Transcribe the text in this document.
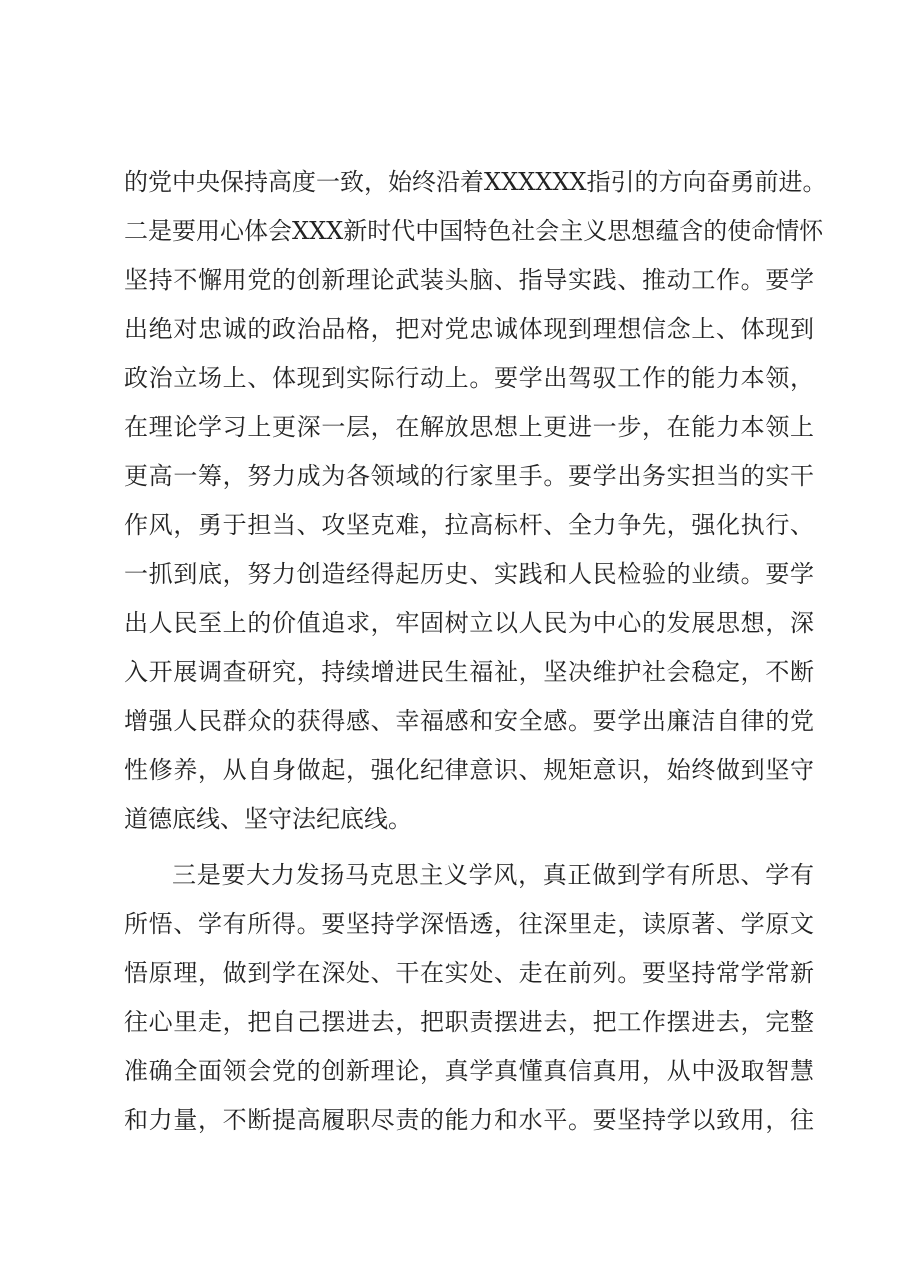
的党中央保持高度一致，始终沿着XXXXXX指引的方向奋勇前进。
二是要用心体会XXX新时代中国特色社会主义思想蕴含的使命情怀
坚持不懈用党的创新理论武装头脑、指导实践、推动工作。要学
出绝对忠诚的政治品格，把对党忠诚体现到理想信念上、体现到
政治立场上、体现到实际行动上。要学出驾驭工作的能力本领，
在理论学习上更深一层，在解放思想上更进一步，在能力本领上
更高一筹，努力成为各领域的行家里手。要学出务实担当的实干
作风，勇于担当、攻坚克难，拉高标杆、全力争先，强化执行、
一抓到底，努力创造经得起历史、实践和人民检验的业绩。要学
出人民至上的价值追求，牢固树立以人民为中心的发展思想，深
入开展调查研究，持续增进民生福祉，坚决维护社会稳定，不断
增强人民群众的获得感、幸福感和安全感。要学出廉洁自律的党
性修养，从自身做起，强化纪律意识、规矩意识，始终做到坚守
道德底线、坚守法纪底线。
三是要大力发扬马克思主义学风，真正做到学有所思、学有
所悟、学有所得。要坚持学深悟透，往深里走，读原著、学原文
悟原理，做到学在深处、干在实处、走在前列。要坚持常学常新
往心里走，把自己摆进去，把职责摆进去，把工作摆进去，完整
准确全面领会党的创新理论，真学真懂真信真用，从中汲取智慧
和力量，不断提高履职尽责的能力和水平。要坚持学以致用，往
